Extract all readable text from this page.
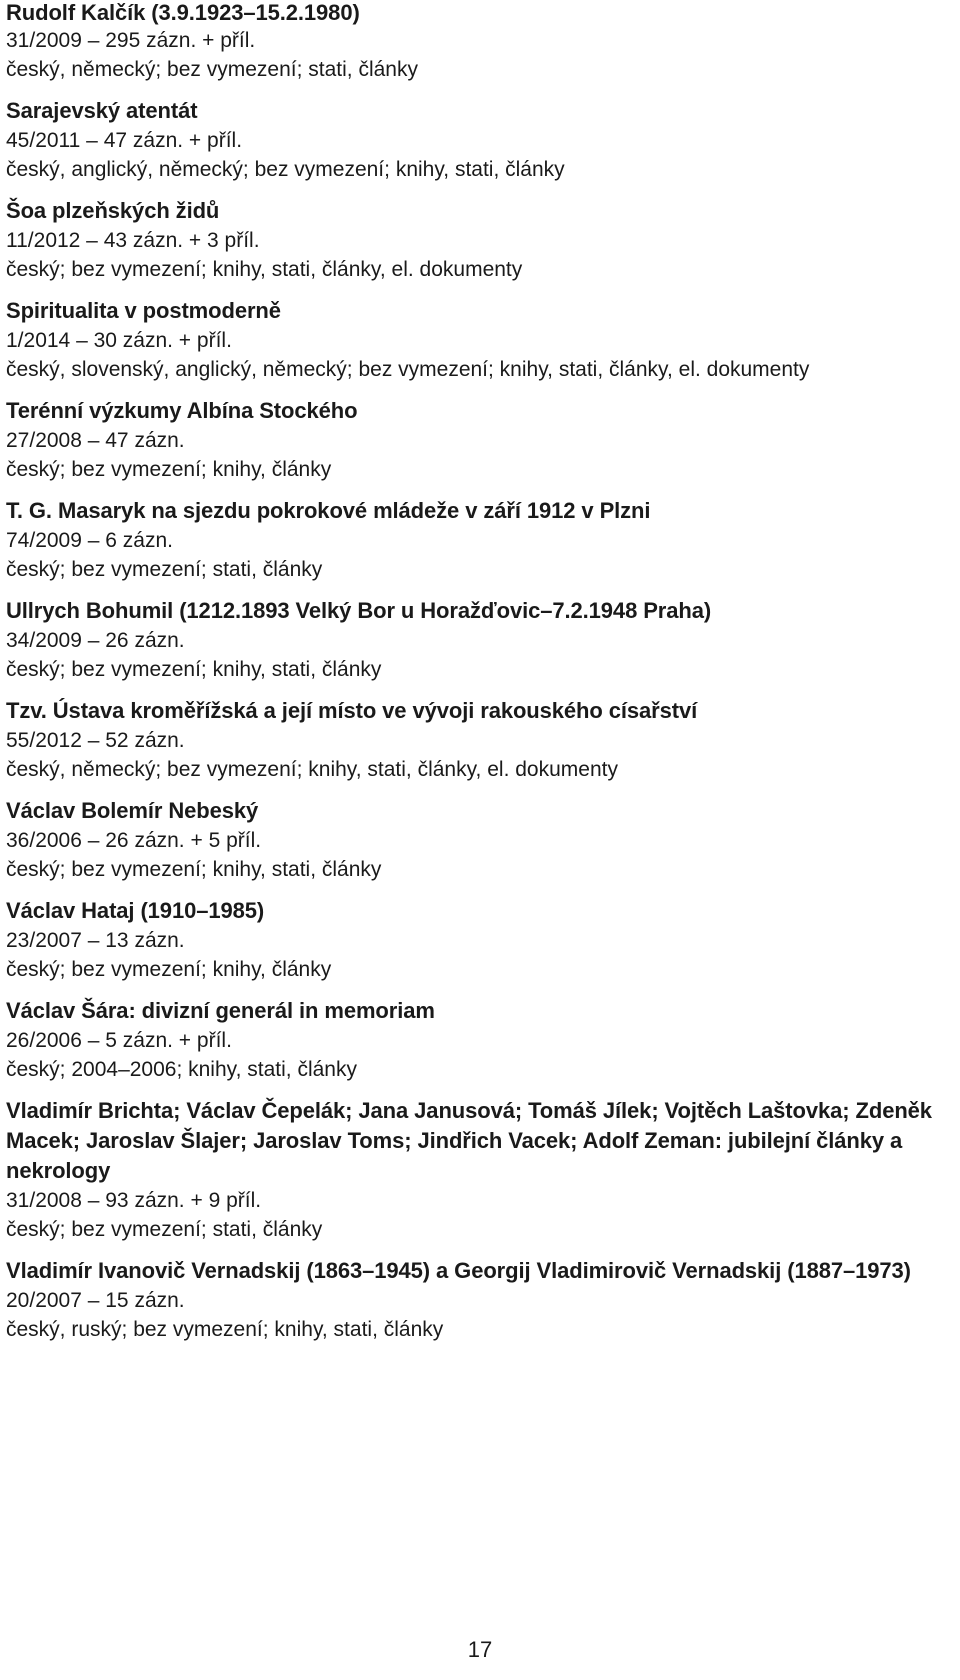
Rudolf Kalčík (3.9.1923–15.2.1980)
31/2009 – 295 zázn. + příl.
český, německý; bez vymezení; stati, články
Sarajevský atentát
45/2011 – 47 zázn. + příl.
český, anglický, německý; bez vymezení; knihy, stati, články
Šoa plzeňských židů
11/2012 – 43 zázn. + 3 příl.
český; bez vymezení; knihy, stati, články, el. dokumenty
Spiritualita v postmoderně
1/2014 – 30 zázn. + příl.
český, slovenský, anglický, německý; bez vymezení; knihy, stati, články, el. dokumenty
Terénní výzkumy Albína Stockého
27/2008 – 47 zázn.
český; bez vymezení; knihy, články
T. G. Masaryk na sjezdu pokrokové mládeže v září 1912 v Plzni
74/2009 – 6 zázn.
český; bez vymezení; stati, články
Ullrych Bohumil (1212.1893 Velký Bor u Horažďovic–7.2.1948 Praha)
34/2009 – 26 zázn.
český; bez vymezení; knihy, stati, články
Tzv. Ústava kroměřížská a její místo ve vývoji rakouského císařství
55/2012 – 52 zázn.
český, německý; bez vymezení; knihy, stati, články, el. dokumenty
Václav Bolemír Nebeský
36/2006 – 26 zázn. + 5 příl.
český; bez vymezení; knihy, stati, články
Václav Hataj (1910–1985)
23/2007 – 13 zázn.
český; bez vymezení; knihy, články
Václav Šára: divizní generál in memoriam
26/2006 – 5 zázn. + příl.
český; 2004–2006; knihy, stati, články
Vladimír Brichta; Václav Čepelák; Jana Janusová; Tomáš Jílek; Vojtěch Laštovka; Zdeněk Macek; Jaroslav Šlajer; Jaroslav Toms; Jindřich Vacek; Adolf Zeman: jubilejní články a nekrology
31/2008 – 93 zázn. + 9 příl.
český; bez vymezení; stati, články
Vladimír Ivanovič Vernadskij (1863–1945) a Georgij Vladimirovič Vernadskij (1887–1973)
20/2007 – 15 zázn.
český, ruský; bez vymezení; knihy, stati, články
17
